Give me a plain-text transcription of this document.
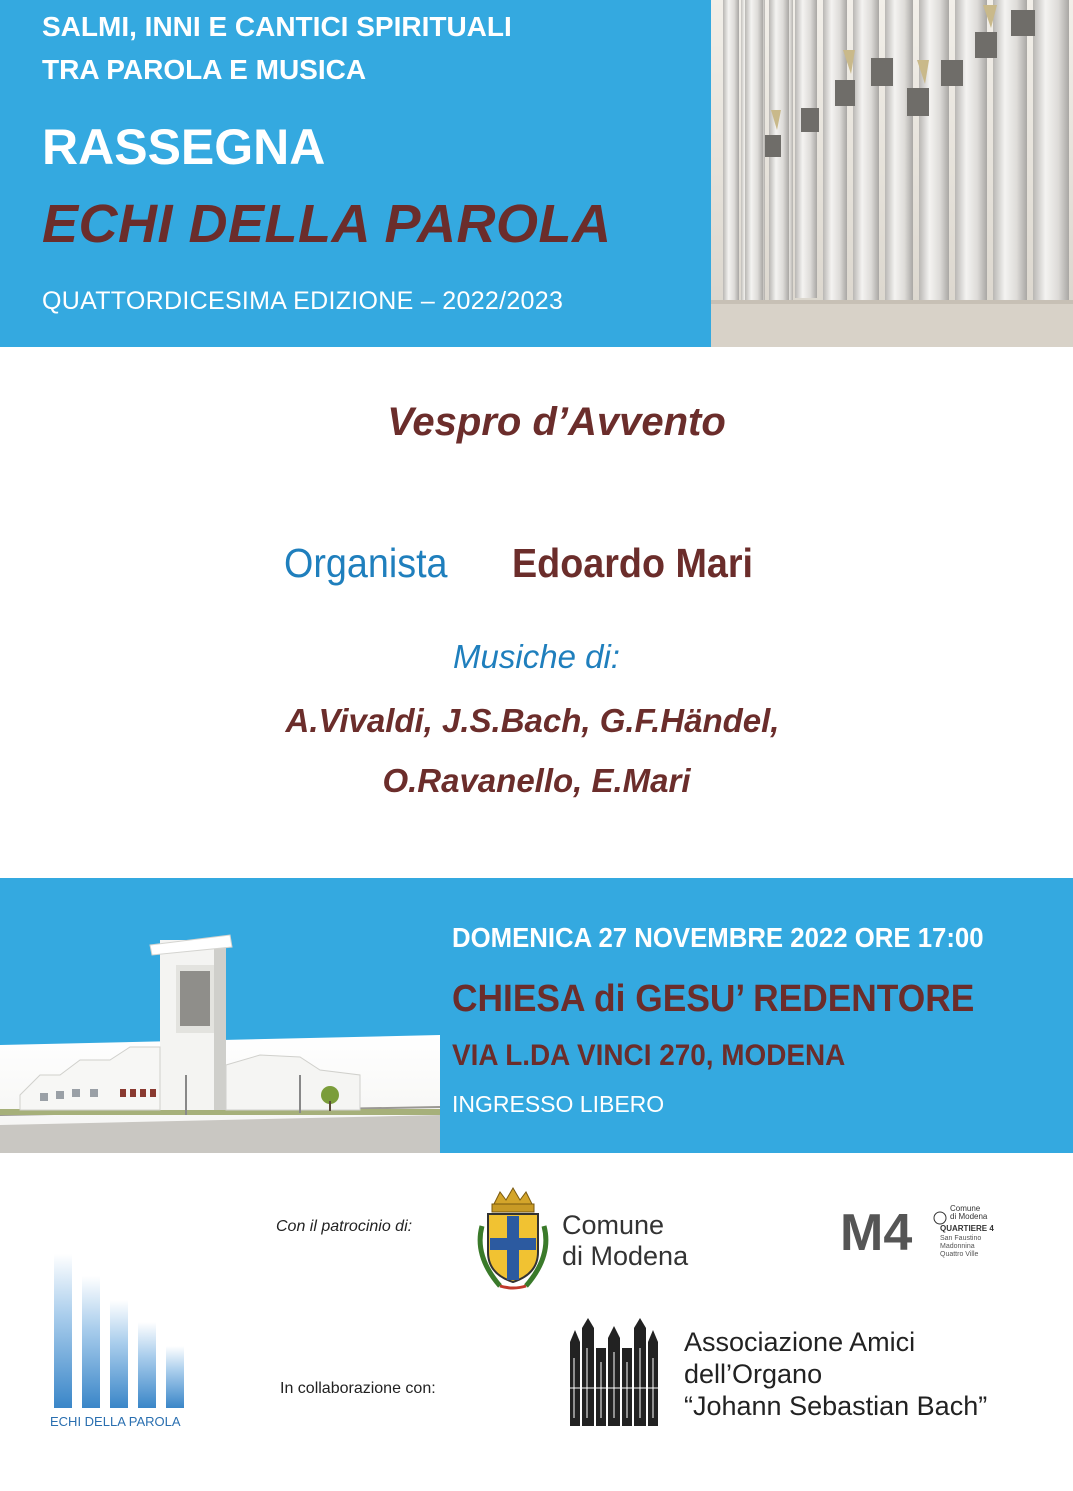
SALMI, INNI E CANTICI SPIRITUALI
TRA PAROLA E MUSICA
RASSEGNA
ECHI DELLA PAROLA
QUATTORDICESIMA EDIZIONE – 2022/2023
Vespro d’Avvento
Organista Edoardo Mari
Musiche di:
A.Vivaldi, J.S.Bach, G.F.Händel,
O.Ravanello, E.Mari
DOMENICA 27 NOVEMBRE 2022 ORE 17:00
CHIESA di GESU’ REDENTORE
VIA L.DA VINCI 270, MODENA
INGRESSO LIBERO
Con il patrocinio di:	Comune
di Modena	M4	Comune
di Modena
QUARTIERE 4
San Faustino
Madonnina
Quattro Ville
In collaborazione con:
Associazione Amici
dell’Organo
“Johann Sebastian Bach”
ECHI DELLA PAROLA
